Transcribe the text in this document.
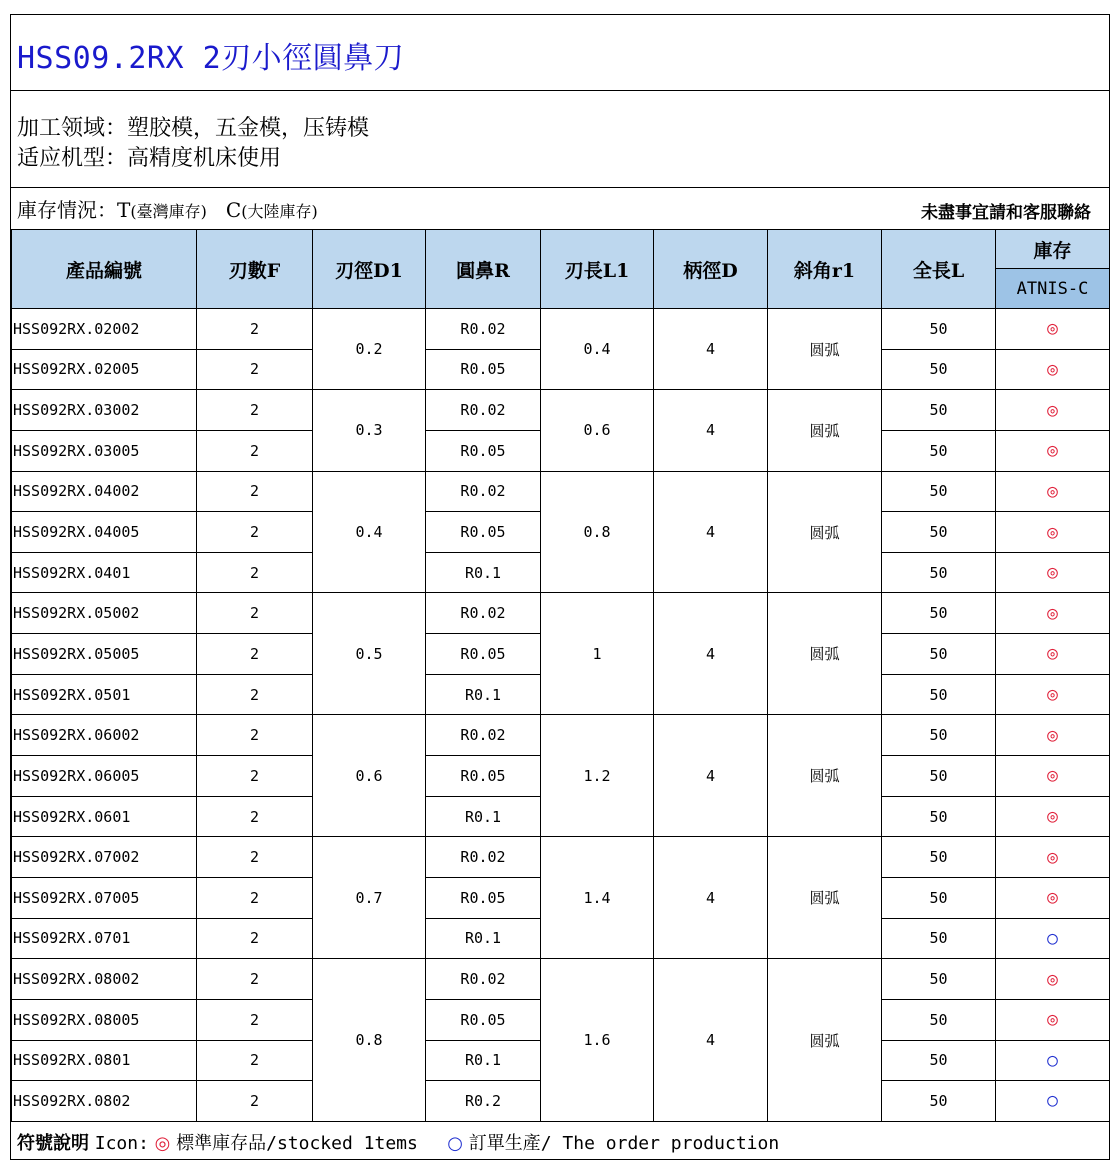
HSS09.2RX 2刃小徑圓鼻刀
加工领域：塑胶模，五金模，压铸模
适应机型：高精度机床使用
庫存情況：T(臺灣庫存) C(大陸庫存)	未盡事宜請和客服聯絡
產品編號	刃數F	刃徑D1	圓鼻R	刃長L1	柄徑D	斜角r1	全長L	庫存
								ATNIS-C
HSS092RX.02002	2	0.2	R0.02	0.4	4	圆弧	50	◎
HSS092RX.02005	2		R0.05				50	◎
HSS092RX.03002	2	0.3	R0.02	0.6	4	圆弧	50	◎
HSS092RX.03005	2		R0.05				50	◎
HSS092RX.04002	2	0.4	R0.02	0.8	4	圆弧	50	◎
HSS092RX.04005	2		R0.05				50	◎
HSS092RX.0401	2		R0.1				50	◎
HSS092RX.05002	2	0.5	R0.02	1	4	圆弧	50	◎
HSS092RX.05005	2		R0.05				50	◎
HSS092RX.0501	2		R0.1				50	◎
HSS092RX.06002	2	0.6	R0.02	1.2	4	圆弧	50	◎
HSS092RX.06005	2		R0.05				50	◎
HSS092RX.0601	2		R0.1				50	◎
HSS092RX.07002	2	0.7	R0.02	1.4	4	圆弧	50	◎
HSS092RX.07005	2		R0.05				50	◎
HSS092RX.0701	2		R0.1				50	○
HSS092RX.08002	2	0.8	R0.02	1.6	4	圆弧	50	◎
HSS092RX.08005	2		R0.05				50	◎
HSS092RX.0801	2		R0.1				50	○
HSS092RX.0802	2		R0.2				50	○
符號說明 Icon: ◎ 標準庫存品/stocked 1tems ○ 訂單生產/ The order production
